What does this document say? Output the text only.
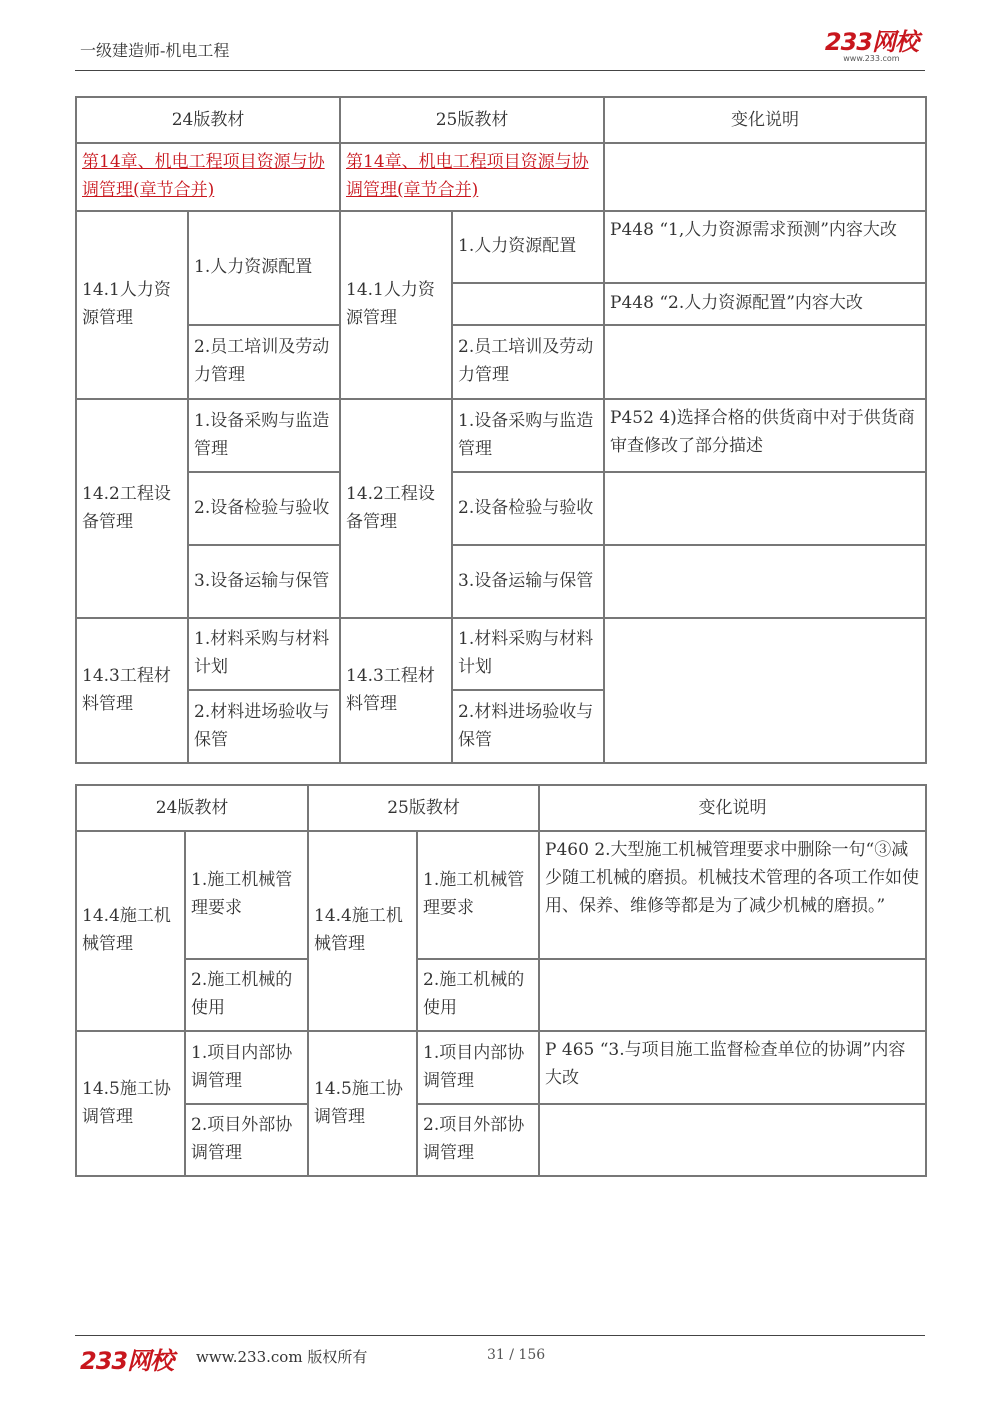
一级建造师-机电工程	233网校
www.233.com
24版教材		25版教材		变化说明
第14章、机电工程项目资源与协调管理(章节合并)		第14章、机电工程项目资源与协调管理(章节合并)		
14.1人力资源管理	1.人力资源配置	14.1人力资源管理	1.人力资源配置	P448 “1,人力资源需求预测”内容大改
				P448 “2.人力资源配置”内容大改
	2.员工培训及劳动力管理		2.员工培训及劳动力管理	
14.2工程设备管理	1.设备采购与监造管理	14.2工程设备管理	1.设备采购与监造管理	P452 4)选择合格的供货商中对于供货商审查修改了部分描述
	2.设备检验与验收		2.设备检验与验收	
	3.设备运输与保管		3.设备运输与保管	
14.3工程材料管理	1.材料采购与材料计划	14.3工程材料管理	1.材料采购与材料计划	
	2.材料进场验收与保管		2.材料进场验收与保管	
24版教材		25版教材		变化说明
14.4施工机械管理	1.施工机械管理要求	14.4施工机械管理	1.施工机械管理要求	P460 2.大型施工机械管理要求中删除一句“③减少随工机械的磨损。机械技术管理的各项工作如使用、保养、维修等都是为了减少机械的磨损。”
	2.施工机械的使用		2.施工机械的使用	
14.5施工协调管理	1.项目内部协调管理	14.5施工协调管理	1.项目内部协调管理	P 465 “3.与项目施工监督检查单位的协调”内容大改
	2.项目外部协调管理		2.项目外部协调管理	
233网校 www.233.com 版权所有	31 / 156
